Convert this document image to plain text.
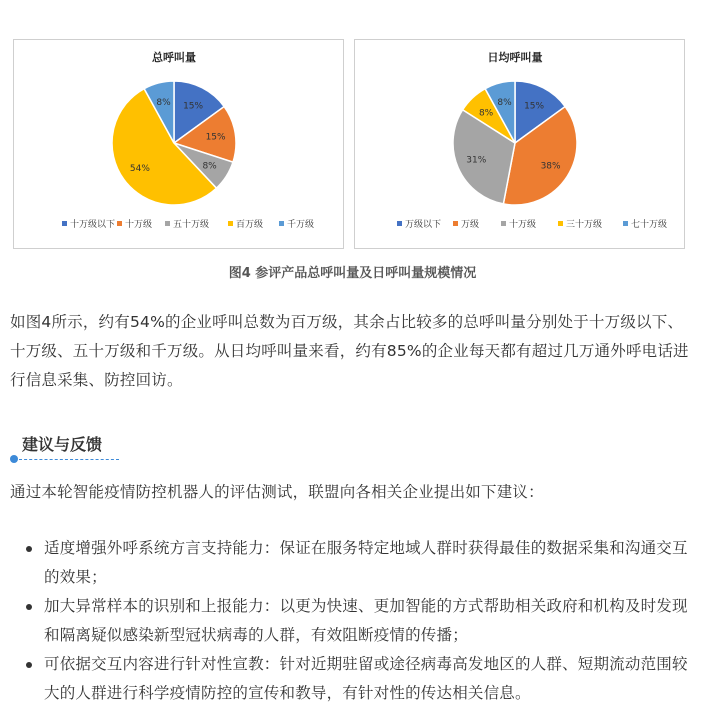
总呼叫量
15%
15%
8%
54%
8%
十万级以下 十万级 五十万级	百万级	千万级
日均呼叫量
15%
38%
31%
8%
8%
万级以下 万级	十万级	三十万级	七十万级
图4 参评产品总呼叫量及日呼叫量规模情况
如图4所示，约有54%的企业呼叫总数为百万级，其余占比较多的总呼叫量分别处于十万级以下、十万级、五十万级和千万级。从日均呼叫量来看，约有85%的企业每天都有超过几万通外呼电话进行信息采集、防控回访。
建议与反馈
通过本轮智能疫情防控机器人的评估测试，联盟向各相关企业提出如下建议：
适度增强外呼系统方言支持能力：保证在服务特定地域人群时获得最佳的数据采集和沟通交互的效果；
加大异常样本的识别和上报能力：以更为快速、更加智能的方式帮助相关政府和机构及时发现和隔离疑似感染新型冠状病毒的人群，有效阻断疫情的传播；
可依据交互内容进行针对性宣教：针对近期驻留或途径病毒高发地区的人群、短期流动范围较大的人群进行科学疫情防控的宣传和教导，有针对性的传达相关信息。
